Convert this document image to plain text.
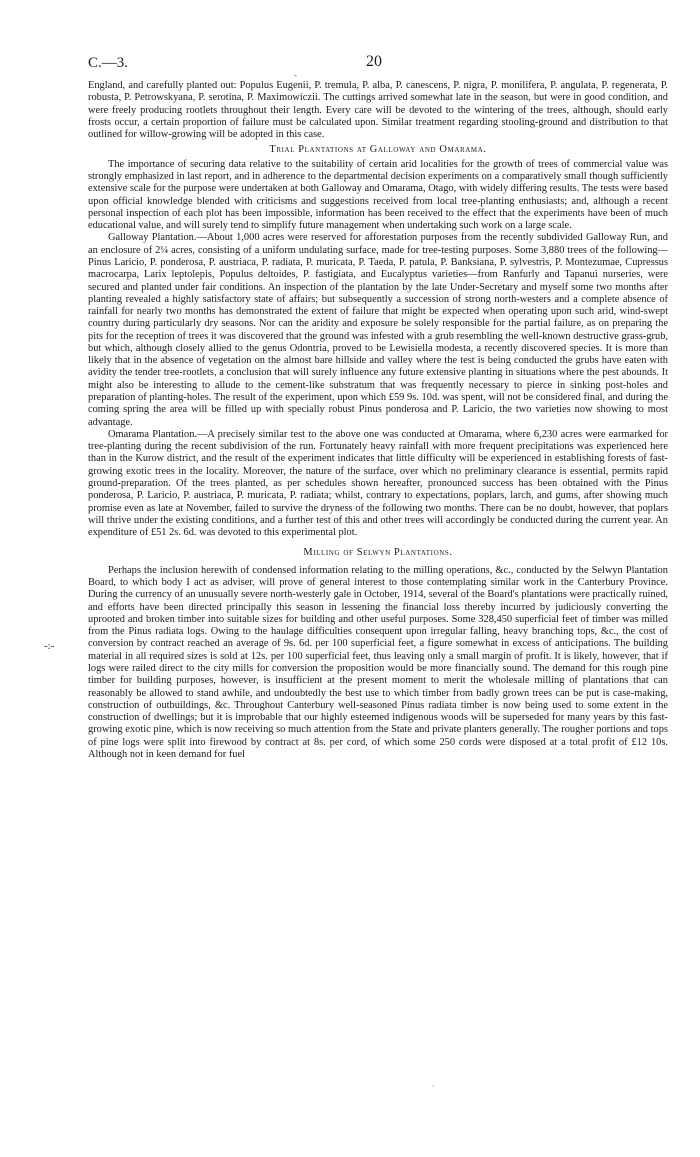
C.—3.	20
-
-:-

England, and carefully planted out: Populus Eugenii, P. tremula, P. alba, P. canescens, P. nigra, P. monilifera, P. angulata, P. regenerata, P. robusta, P. Petrowskyana, P. serotina, P. Maximowiczii. The cuttings arrived somewhat late in the season, but were in good condition, and were freely producing rootlets throughout their length. Every care will be devoted to the wintering of the trees, although, should early frosts occur, a certain proportion of failure must be calculated upon. Similar treatment regarding stooling-ground and distribution to that outlined for willow-growing will be adopted in this case.

Trial Plantations at Galloway and Omarama.

The importance of securing data relative to the suitability of certain arid localities for the growth of trees of commercial value was strongly emphasized in last report, and in adherence to the departmental decision experiments on a comparatively small though sufficiently extensive scale for the purpose were undertaken at both Galloway and Omarama, Otago, with widely differing results. The tests were based upon official knowledge blended with criticisms and suggestions received from local tree-planting enthusiasts; and, although a recent personal inspection of each plot has been impossible, information has been received to the effect that the experiments have been of much educational value, and will surely tend to simplify future management when undertaking such work on a large scale.

Galloway Plantation.—About 1,000 acres were reserved for afforestation purposes from the recently subdivided Galloway Run, and an enclosure of 2¼ acres, consisting of a uniform undulating surface, made for tree-testing purposes. Some 3,880 trees of the following—Pinus Laricio, P. ponderosa, P. austriaca, P. radiata, P. muricata, P. Taeda, P. patula, P. Banksiana, P. sylvestris, P. Montezumae, Cupressus macrocarpa, Larix leptolepis, Populus deltoides, P. fastigiata, and Eucalyptus varieties—from Ranfurly and Tapanui nurseries, were secured and planted under fair conditions. An inspection of the plantation by the late Under-Secretary and myself some two months after planting revealed a highly satisfactory state of affairs; but subsequently a succession of strong north-westers and a complete absence of rainfall for nearly two months has demonstrated the extent of failure that might be expected when operating upon such arid, wind-swept country during particularly dry seasons. Nor can the aridity and exposure be solely responsible for the partial failure, as on preparing the pits for the reception of trees it was discovered that the ground was infested with a grub resembling the well-known destructive grass-grub, but which, although closely allied to the genus Odontria, proved to be Lewisiella modesta, a recently discovered species. It is more than likely that in the absence of vegetation on the almost bare hillside and valley where the test is being conducted the grubs have eaten with avidity the tender tree-rootlets, a conclusion that will surely influence any future extensive planting in situations where the pest abounds. It might also be interesting to allude to the cement-like substratum that was frequently necessary to pierce in sinking post-holes and preparation of planting-holes. The result of the experiment, upon which £59 9s. 10d. was spent, will not be considered final, and during the coming spring the area will be filled up with specially robust Pinus ponderosa and P. Laricio, the two varieties now showing to most advantage.

Omarama Plantation.—A precisely similar test to the above one was conducted at Omarama, where 6,230 acres were earmarked for tree-planting during the recent subdivision of the run. Fortunately heavy rainfall with more frequent precipitations was experienced here than in the Kurow district, and the result of the experiment indicates that little difficulty will be experienced in establishing forests of fast-growing exotic trees in the locality. Moreover, the nature of the surface, over which no preliminary clearance is essential, permits rapid ground-preparation. Of the trees planted, as per schedules shown hereafter, pronounced success has been obtained with the Pinus ponderosa, P. Laricio, P. austriaca, P. muricata, P. radiata; whilst, contrary to expectations, poplars, larch, and gums, after showing much promise even as late at November, failed to survive the dryness of the following two months. There can be no doubt, however, that poplars will thrive under the existing conditions, and a further test of this and other trees will accordingly be conducted during the current year. An expenditure of £51 2s. 6d. was devoted to this experimental plot.

Milling of Selwyn Plantations.

Perhaps the inclusion herewith of condensed information relating to the milling operations, &c., conducted by the Selwyn Plantation Board, to which body I act as adviser, will prove of general interest to those contemplating similar work in the Canterbury Province. During the currency of an unusually severe north-westerly gale in October, 1914, several of the Board's plantations were practically ruined, and efforts have been directed principally this season in lessening the financial loss thereby incurred by judiciously converting the uprooted and broken timber into suitable sizes for building and other useful purposes. Some 328,450 superficial feet of timber was milled from the Pinus radiata logs. Owing to the haulage difficulties consequent upon irregular falling, heavy branching tops, &c., the cost of conversion by contract reached an average of 9s. 6d. per 100 superficial feet, a figure somewhat in excess of anticipations. The building material in all required sizes is sold at 12s. per 100 superficial feet, thus leaving only a small margin of profit. It is likely, however, that if logs were railed direct to the city mills for conversion the proposition would be more financially sound. The demand for this rough pine timber for building purposes, however, is insufficient at the present moment to merit the wholesale milling of plantations that can reasonably be allowed to stand awhile, and undoubtedly the best use to which timber from badly grown trees can be put is case-making, construction of outbuildings, &c. Throughout Canterbury well-seasoned Pinus radiata timber is now being used to some extent in the construction of dwellings; but it is improbable that our highly esteemed indigenous woods will be superseded for many years by this fast-growing exotic pine, which is now receiving so much attention from the State and private planters generally. The rougher portions and tops of pine logs were split into firewood by contract at 8s. per cord, of which some 250 cords were disposed at a total profit of £12 10s. Although not in keen demand for fuel

·
